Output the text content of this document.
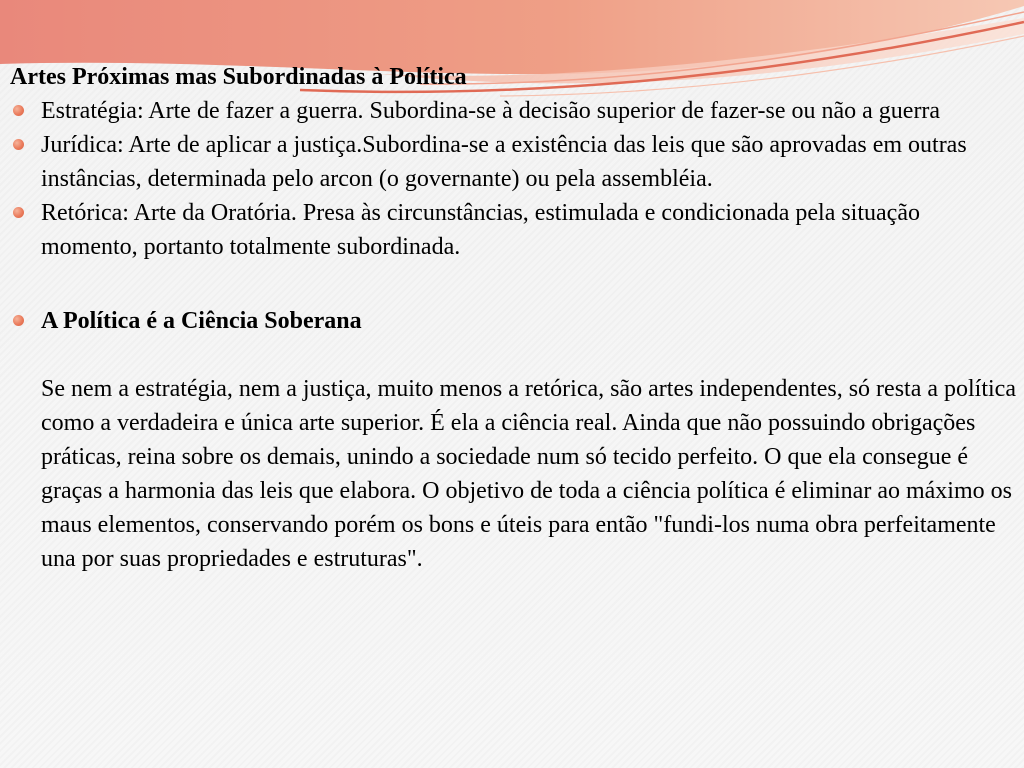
Artes Próximas mas Subordinadas à Política
Estratégia: Arte de fazer a guerra. Subordina-se à decisão superior de fazer-se ou não a guerra
Jurídica: Arte de aplicar a justiça.Subordina-se a existência das leis que são aprovadas em outras instâncias, determinada pelo arcon (o governante) ou pela assembléia.
Retórica: Arte da Oratória. Presa às circunstâncias, estimulada e condicionada pela situação momento, portanto totalmente subordinada.
A Política é a Ciência Soberana
Se nem a estratégia, nem a justiça, muito menos a retórica, são artes independentes, só resta a política como a verdadeira e única arte superior. É ela a ciência real. Ainda que não possuindo obrigações práticas, reina sobre os demais, unindo a sociedade num só tecido perfeito. O que ela consegue é graças a harmonia das leis que elabora. O objetivo de toda a ciência política é eliminar ao máximo os maus elementos, conservando porém os bons e úteis para então "fundi-los numa obra perfeitamente una por suas propriedades e estruturas".
